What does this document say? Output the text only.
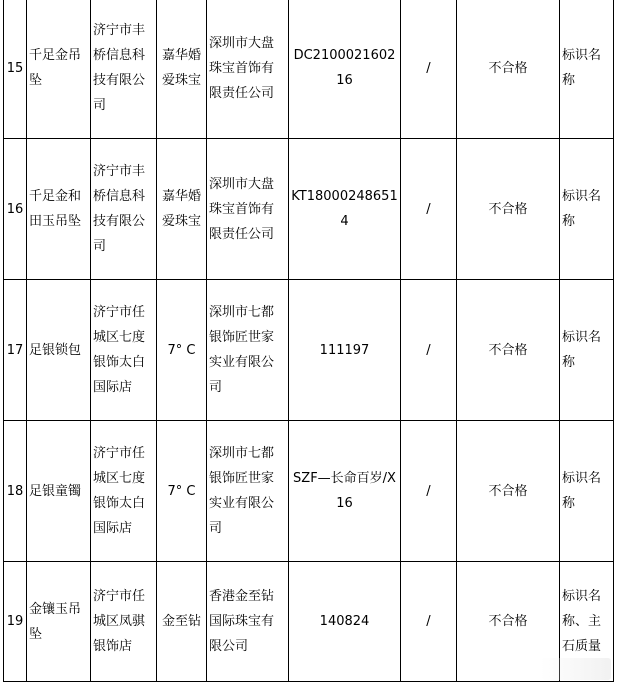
15	千足金吊坠	济宁市丰桥信息科技有限公司	嘉华婚爱珠宝	深圳市大盘珠宝首饰有限责任公司	DC210002160216	/	不合格	标识名称
16	千足金和田玉吊坠	济宁市丰桥信息科技有限公司	嘉华婚爱珠宝	深圳市大盘珠宝首饰有限责任公司	KT180002486514	/	不合格	标识名称
17	足银锁包	济宁市任城区七度银饰太白国际店	7° C	深圳市七都银饰匠世家实业有限公司	111197	/	不合格	标识名称
18	足银童镯	济宁市任城区七度银饰太白国际店	7° C	深圳市七都银饰匠世家实业有限公司	SZF—长命百岁/X16	/	不合格	标识名称
19	金镶玉吊坠	济宁市任城区凤骐银饰店	金至钻	香港金至钻国际珠宝有限公司	140824	/	不合格	标识名称、主石质量
